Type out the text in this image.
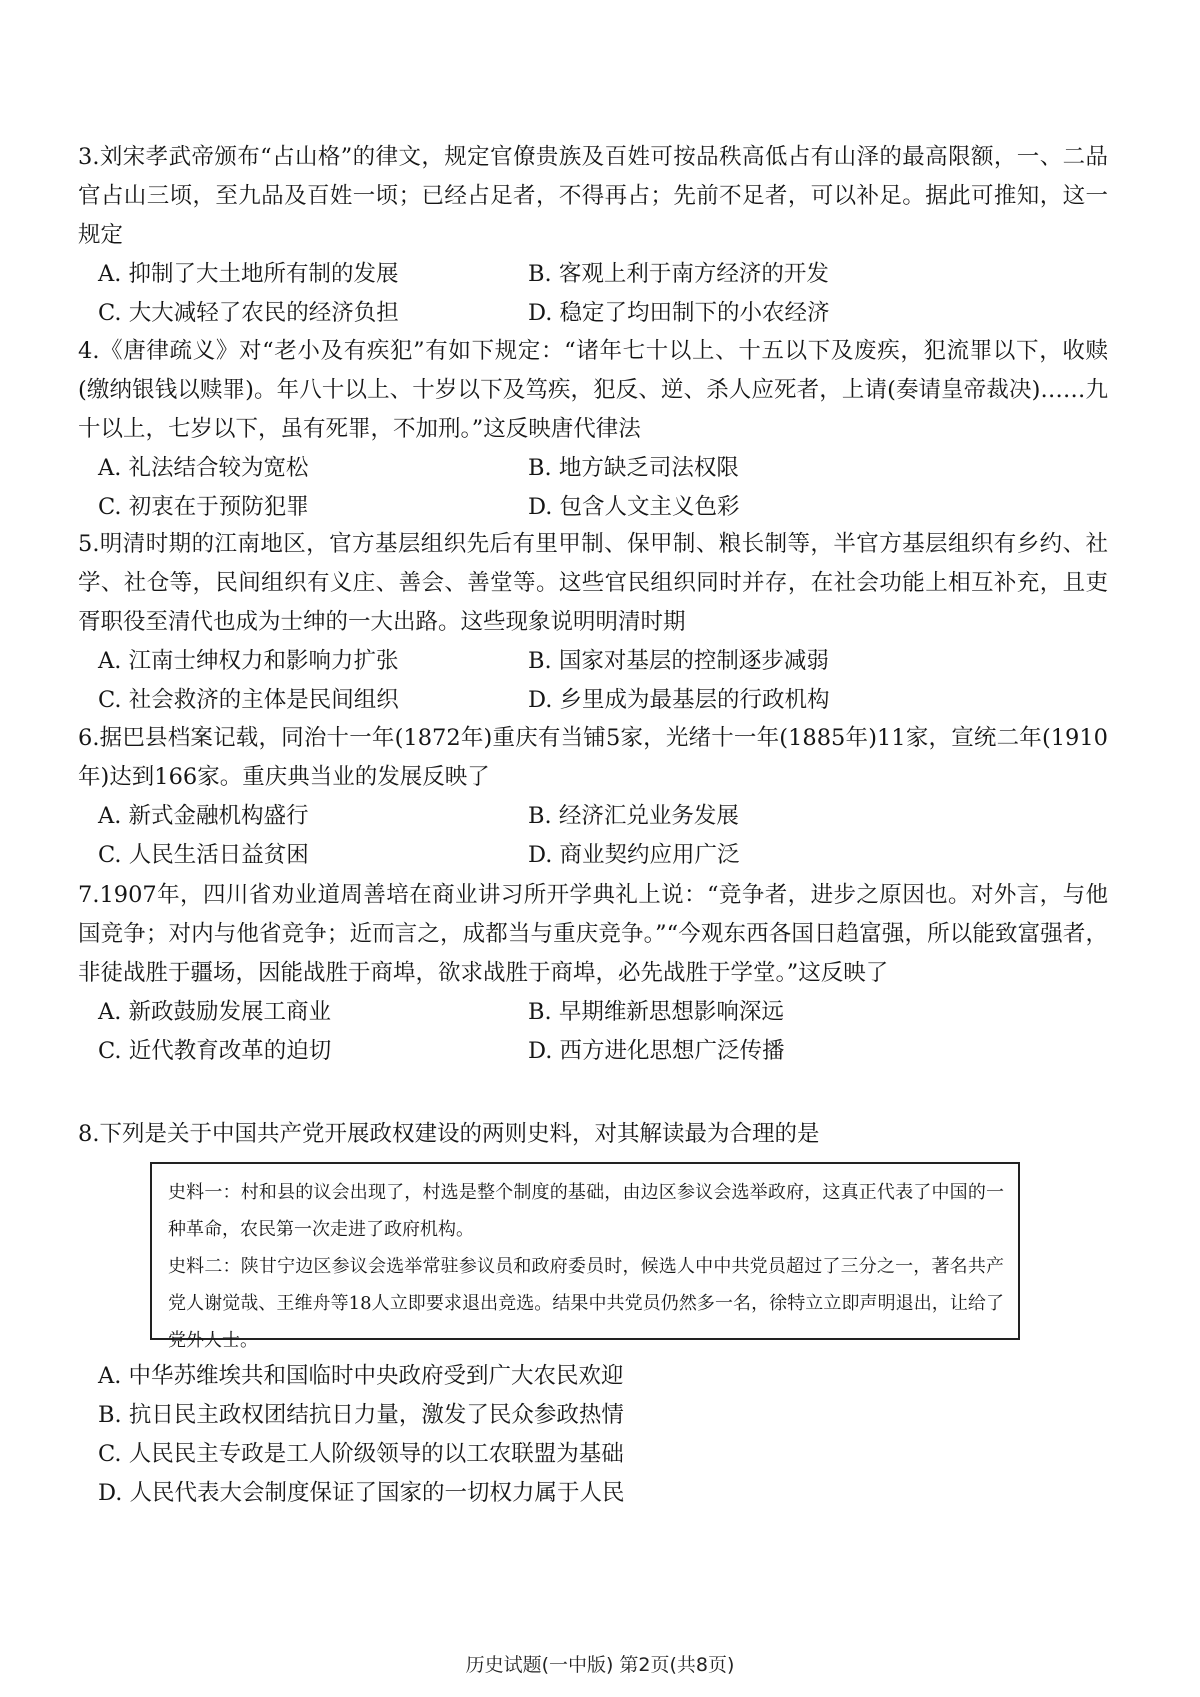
3.刘宋孝武帝颁布“占山格”的律文，规定官僚贵族及百姓可按品秩高低占有山泽的最高限额，一、二品官占山三顷，至九品及百姓一顷；已经占足者，不得再占；先前不足者，可以补足。据此可推知，这一规定

A. 抑制了大土地所有制的发展	B. 客观上利于南方经济的开发
C. 大大减轻了农民的经济负担	D. 稳定了均田制下的小农经济

4.《唐律疏义》对“老小及有疾犯”有如下规定：“诸年七十以上、十五以下及废疾，犯流罪以下，收赎(缴纳银钱以赎罪)。年八十以上、十岁以下及笃疾，犯反、逆、杀人应死者，上请(奏请皇帝裁决)……九十以上，七岁以下，虽有死罪，不加刑。”这反映唐代律法

A. 礼法结合较为宽松	B. 地方缺乏司法权限
C. 初衷在于预防犯罪	D. 包含人文主义色彩

5.明清时期的江南地区，官方基层组织先后有里甲制、保甲制、粮长制等，半官方基层组织有乡约、社学、社仓等，民间组织有义庄、善会、善堂等。这些官民组织同时并存，在社会功能上相互补充，且吏胥职役至清代也成为士绅的一大出路。这些现象说明明清时期

A. 江南士绅权力和影响力扩张	B. 国家对基层的控制逐步减弱
C. 社会救济的主体是民间组织	D. 乡里成为最基层的行政机构

6.据巴县档案记载，同治十一年(1872年)重庆有当铺5家，光绪十一年(1885年)11家，宣统二年(1910年)达到166家。重庆典当业的发展反映了

A. 新式金融机构盛行	B. 经济汇兑业务发展
C. 人民生活日益贫困	D. 商业契约应用广泛

7.1907年，四川省劝业道周善培在商业讲习所开学典礼上说：“竞争者，进步之原因也。对外言，与他国竞争；对内与他省竞争；近而言之，成都当与重庆竞争。”“今观东西各国日趋富强，所以能致富强者，非徒战胜于疆场，因能战胜于商埠，欲求战胜于商埠，必先战胜于学堂。”这反映了

A. 新政鼓励发展工商业	B. 早期维新思想影响深远
C. 近代教育改革的迫切	D. 西方进化思想广泛传播

8.下列是关于中国共产党开展政权建设的两则史料，对其解读最为合理的是

史料一：村和县的议会出现了，村选是整个制度的基础，由边区参议会选举政府，这真正代表了中国的一种革命，农民第一次走进了政府机构。

史料二：陕甘宁边区参议会选举常驻参议员和政府委员时，候选人中中共党员超过了三分之一，著名共产党人谢觉哉、王维舟等18人立即要求退出竞选。结果中共党员仍然多一名，徐特立立即声明退出，让给了党外人士。

A. 中华苏维埃共和国临时中央政府受到广大农民欢迎
B. 抗日民主政权团结抗日力量，激发了民众参政热情
C. 人民民主专政是工人阶级领导的以工农联盟为基础
D. 人民代表大会制度保证了国家的一切权力属于人民
历史试题(一中版) 第2页(共8页)
